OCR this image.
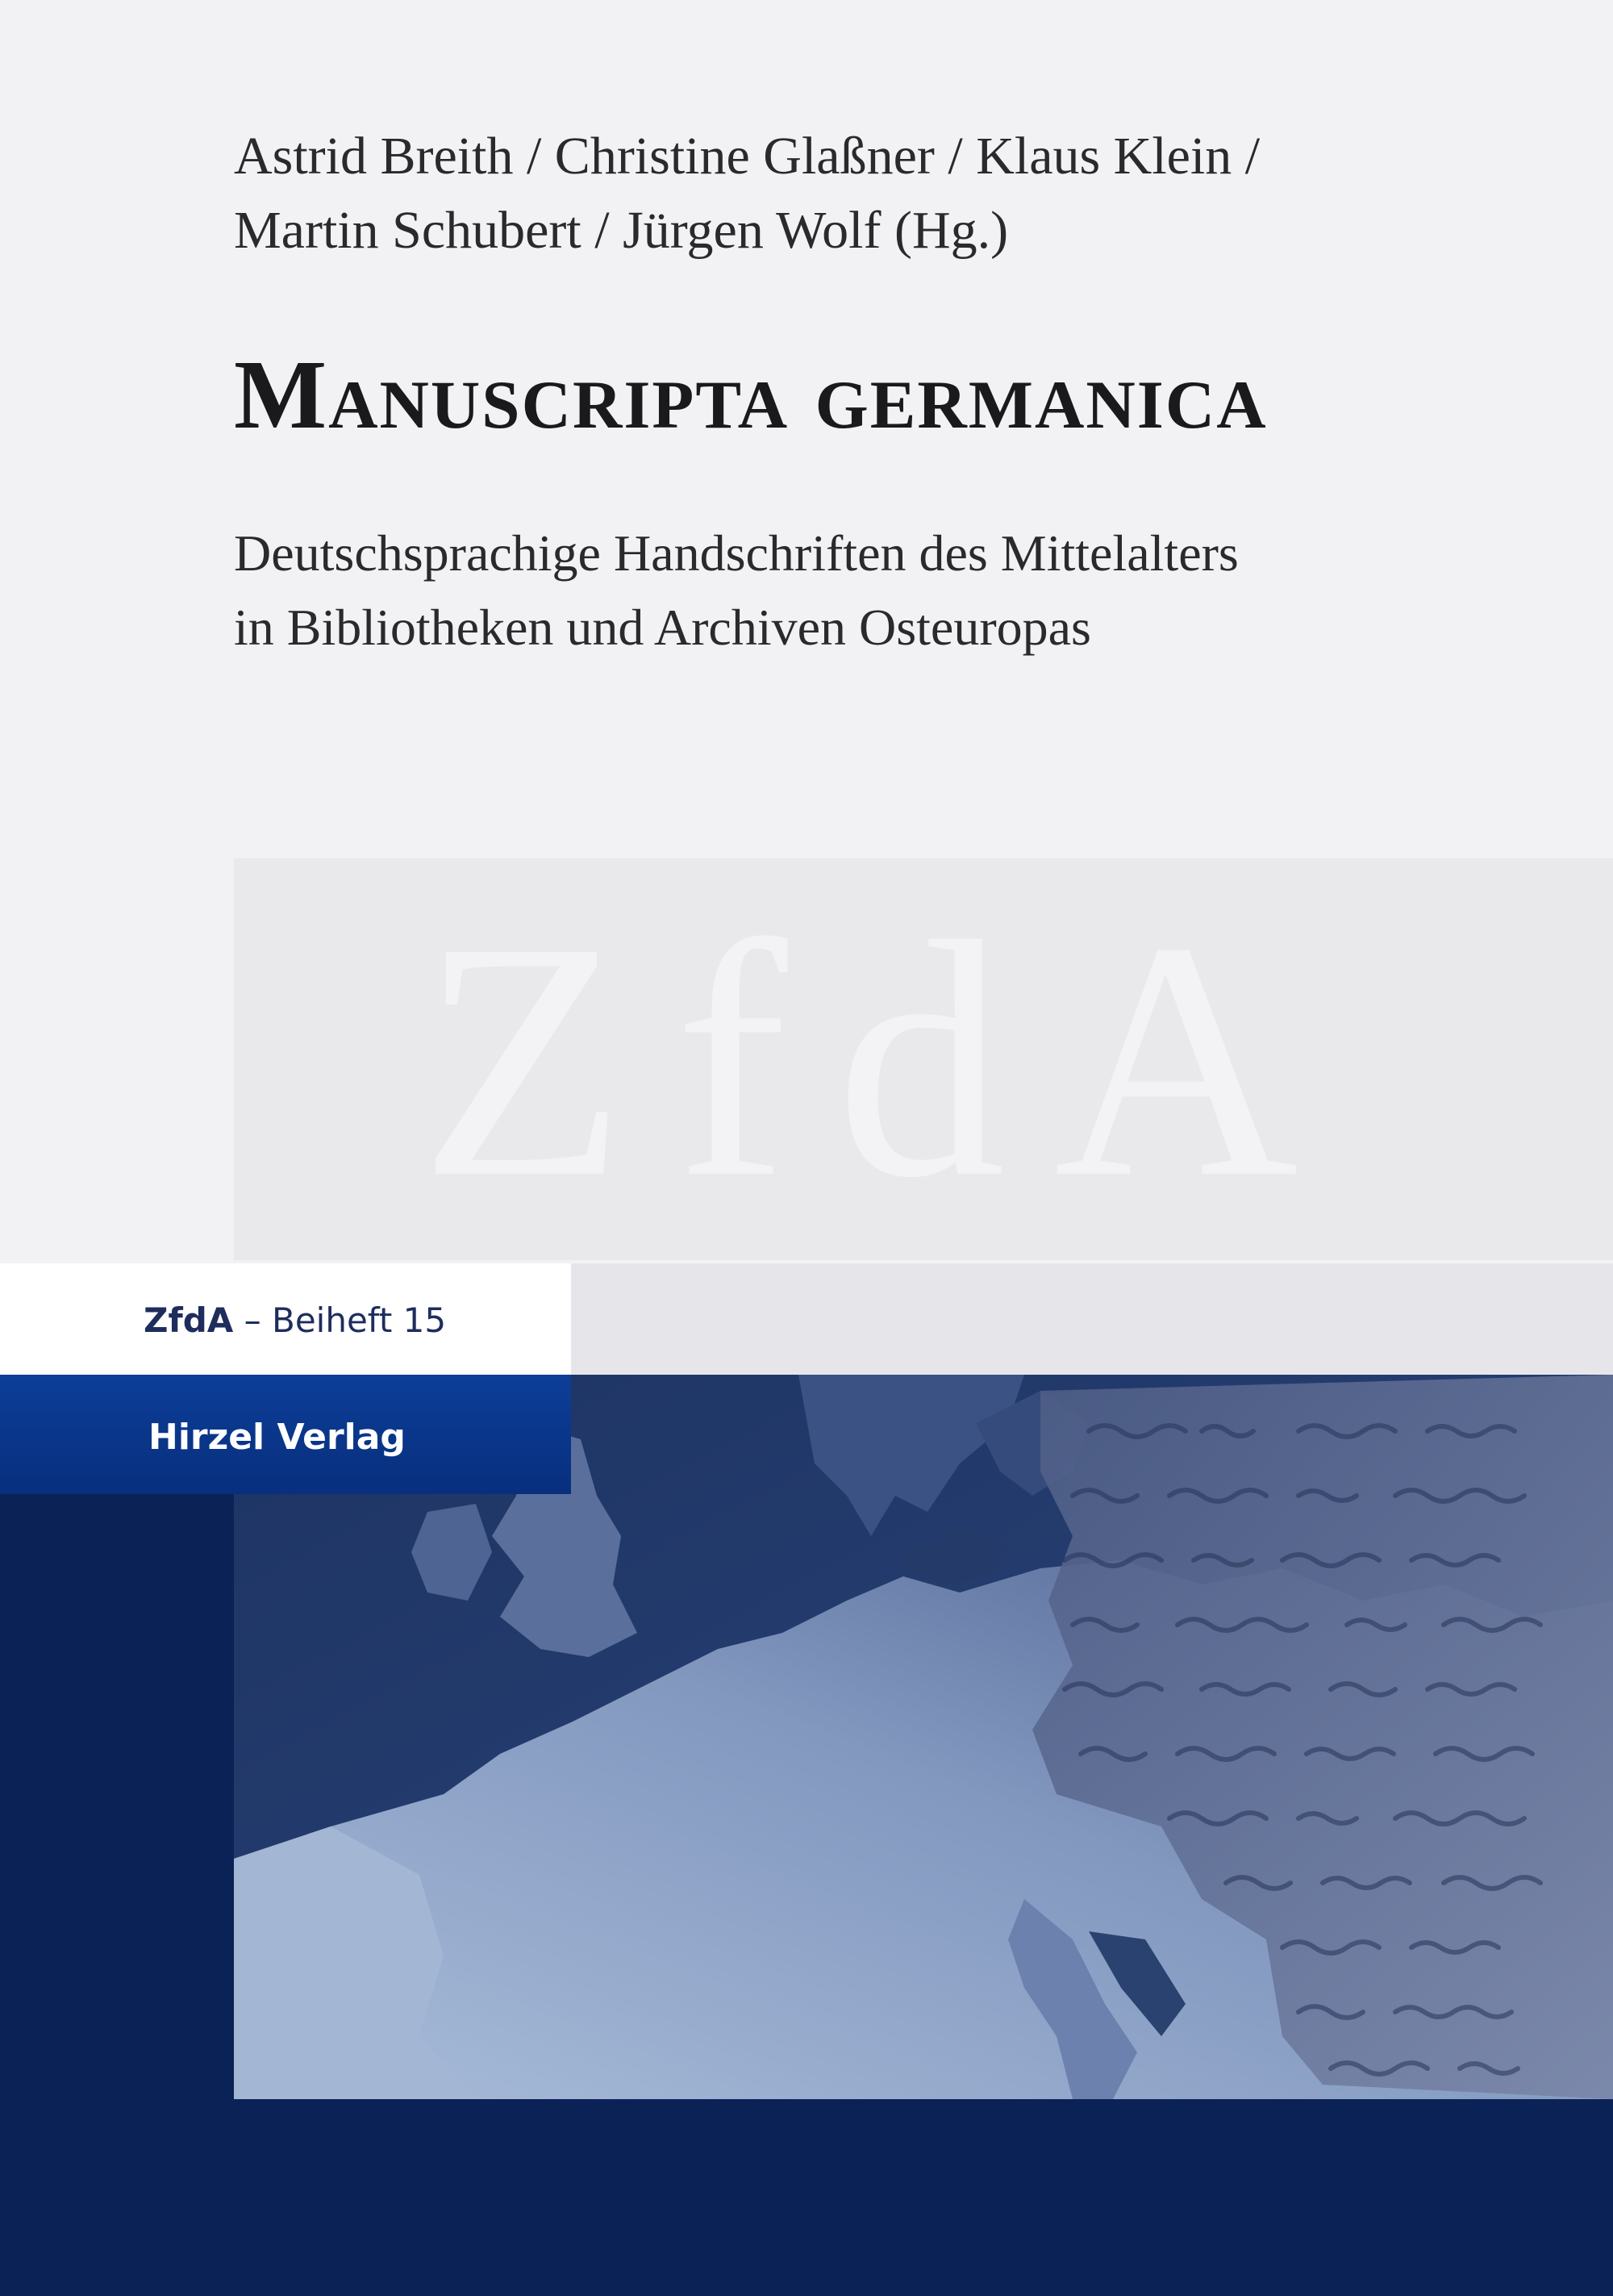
Astrid Breith / Christine Glaßner / Klaus Klein /
Martin Schubert / Jürgen Wolf (Hg.)
Manuscripta germanica
Deutschsprachige Handschriften des Mittelalters
in Bibliotheken und Archiven Osteuropas
ZfdA
ZfdA – Beiheft 15
Hirzel Verlag
